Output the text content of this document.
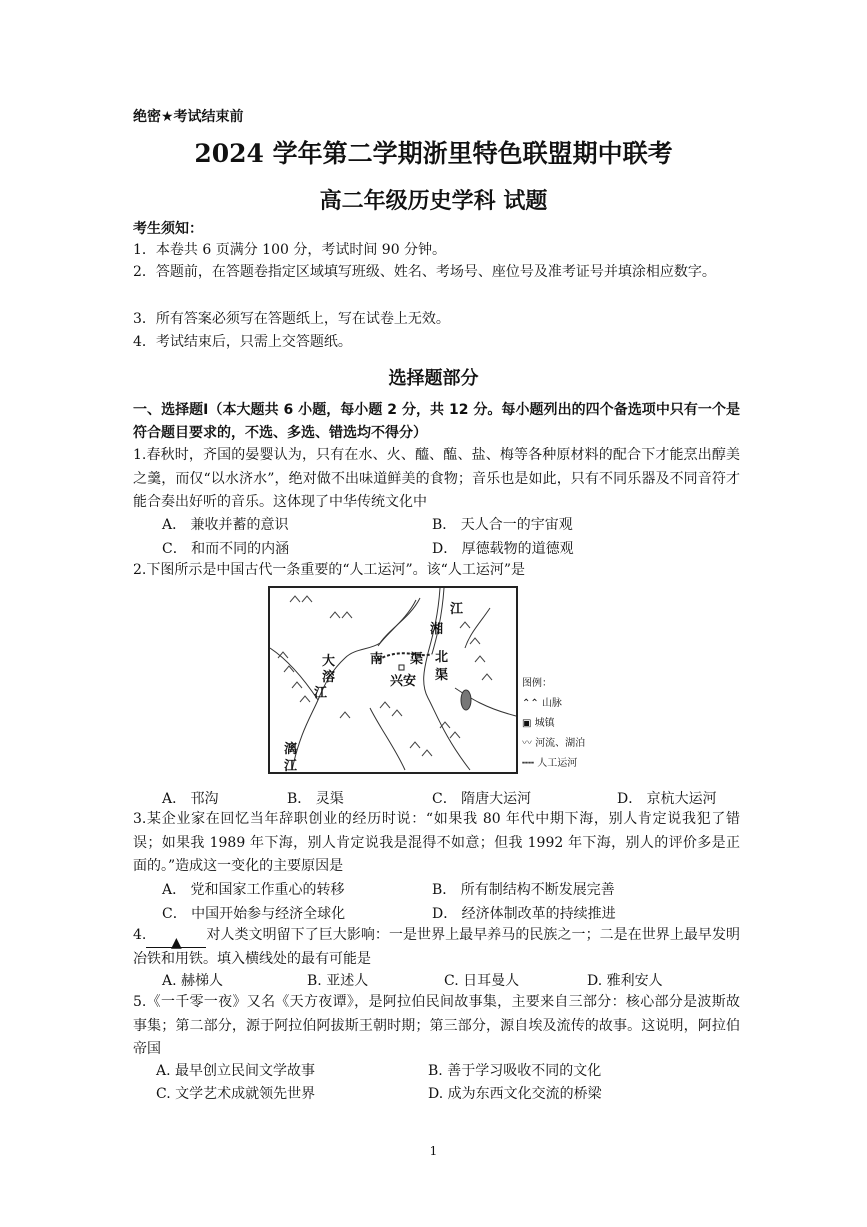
绝密★考试结束前
2024 学年第二学期浙里特色联盟期中联考
高二年级历史学科 试题
考生须知：
1．本卷共 6 页满分 100 分，考试时间 90 分钟。
2．答题前，在答题卷指定区域填写班级、姓名、考场号、座位号及准考证号并填涂相应数字。
3．所有答案必须写在答题纸上，写在试卷上无效。
4．考试结束后，只需上交答题纸。
选择题部分
一、选择题Ⅰ（本大题共 6 小题，每小题 2 分，共 12 分。每小题列出的四个备选项中只有一个是符合题目要求的，不选、多选、错选均不得分）
1.春秋时，齐国的晏婴认为，只有在水、火、醯、醢、盐、梅等各种原材料的配合下才能烹出醇美之羹，而仅“以水济水”，绝对做不出味道鲜美的食物；音乐也是如此，只有不同乐器及不同音符才能合奏出好听的音乐。这体现了中华传统文化中
A． 兼收并蓄的意识	B． 天人合一的宇宙观
C． 和而不同的内涵	D． 厚德载物的道德观
2.下图所示是中国古代一条重要的“人工运河”。该“人工运河”是
江
湘
南 渠 北
渠
兴安
大
溶
江
漓
江
图例：
⌃⌃ 山脉
▣ 城镇
〰 河流、湖泊
┅┅ 人工运河
A． 邗沟	B． 灵渠	C． 隋唐大运河	D． 京杭大运河
3.某企业家在回忆当年辞职创业的经历时说：“如果我 80 年代中期下海，别人肯定说我犯了错误；如果我 1989 年下海，别人肯定说我是混得不如意；但我 1992 年下海，别人的评价多是正面的。”造成这一变化的主要原因是
A． 党和国家工作重心的转移	B． 所有制结构不断发展完善
C． 中国开始参与经济全球化	D． 经济体制改革的持续推进
4. ▲ 对人类文明留下了巨大影响：一是世界上最早养马的民族之一；二是在世界上最早发明冶铁和用铁。填入横线处的最有可能是
A. 赫梯人	B. 亚述人	C. 日耳曼人	D. 雅利安人
5.《一千零一夜》又名《天方夜谭》，是阿拉伯民间故事集，主要来自三部分：核心部分是波斯故事集；第二部分，源于阿拉伯阿拔斯王朝时期；第三部分，源自埃及流传的故事。这说明，阿拉伯帝国
A. 最早创立民间文学故事	B. 善于学习吸收不同的文化
C. 文学艺术成就领先世界	D. 成为东西文化交流的桥梁
1
